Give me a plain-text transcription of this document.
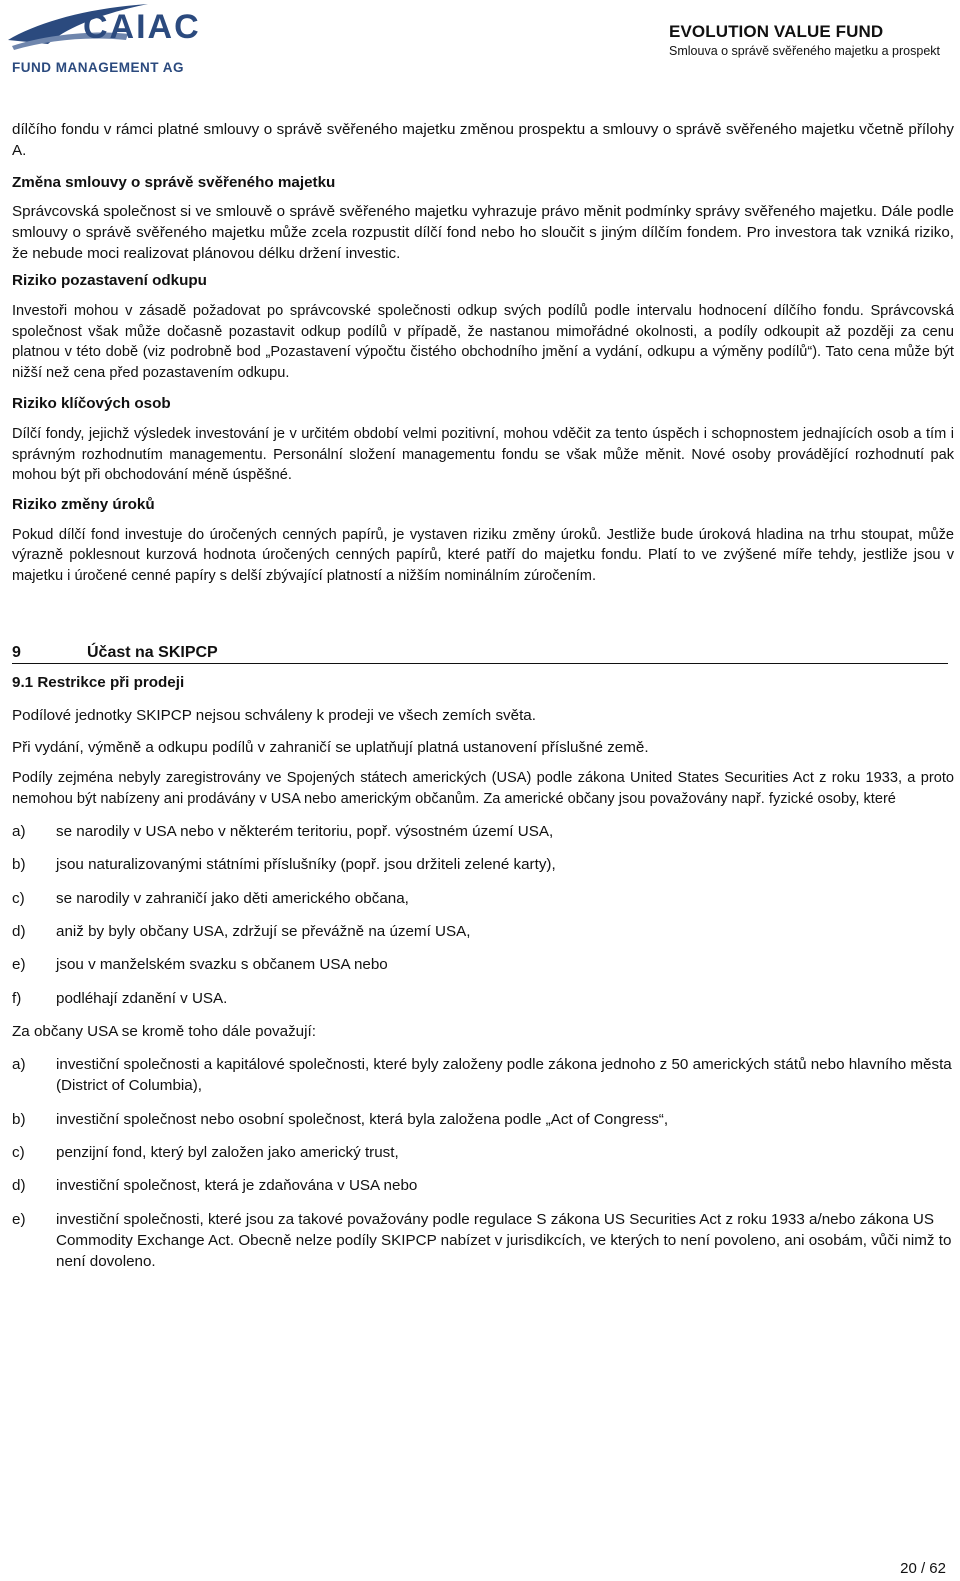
CAIAC
FUND MANAGEMENT AG
EVOLUTION VALUE FUND
Smlouva o správě svěřeného majetku a prospekt

dílčího fondu v rámci platné smlouvy o správě svěřeného majetku změnou prospektu a smlouvy o správě svěřeného majetku včetně přílohy A.

Změna smlouvy o správě svěřeného majetku

Správcovská společnost si ve smlouvě o správě svěřeného majetku vyhrazuje právo měnit podmínky správy svěřeného majetku. Dále podle smlouvy o správě svěřeného majetku může zcela rozpustit dílčí fond nebo ho sloučit s jiným dílčím fondem. Pro investora tak vzniká riziko, že nebude moci realizovat plánovou délku držení investic.

Riziko pozastavení odkupu

Investoři mohou v zásadě požadovat po správcovské společnosti odkup svých podílů podle intervalu hodnocení dílčího fondu. Správcovská společnost však může dočasně pozastavit odkup podílů v případě, že nastanou mimořádné okolnosti, a podíly odkoupit až později za cenu platnou v této době (viz podrobně bod „Pozastavení výpočtu čistého obchodního jmění a vydání, odkupu a výměny podílů“). Tato cena může být nižší než cena před pozastavením odkupu.

Riziko klíčových osob

Dílčí fondy, jejichž výsledek investování je v určitém období velmi pozitivní, mohou vděčit za tento úspěch i schopnostem jednajících osob a tím i správným rozhodnutím managementu. Personální složení managementu fondu se však může měnit. Nové osoby provádějící rozhodnutí pak mohou být při obchodování méně úspěšné.

Riziko změny úroků

Pokud dílčí fond investuje do úročených cenných papírů, je vystaven riziku změny úroků. Jestliže bude úroková hladina na trhu stoupat, může výrazně poklesnout kurzová hodnota úročených cenných papírů, které patří do majetku fondu. Platí to ve zvýšené míře tehdy, jestliže jsou v majetku i úročené cenné papíry s delší zbývající platností a nižším nominálním zúročením.

9	Účast na SKIPCP
9.1 Restrikce při prodeji

Podílové jednotky SKIPCP nejsou schváleny k prodeji ve všech zemích světa.

Při vydání, výměně a odkupu podílů v zahraničí se uplatňují platná ustanovení příslušné země.

Podíly zejména nebyly zaregistrovány ve Spojených státech amerických (USA) podle zákona United States Securities Act z roku 1933, a proto nemohou být nabízeny ani prodávány v USA nebo americkým občanům. Za americké občany jsou považovány např. fyzické osoby, které

a)	se narodily v USA nebo v některém teritoriu, popř. výsostném území USA,
b)	jsou naturalizovanými státními příslušníky (popř. jsou držiteli zelené karty),
c)	se narodily v zahraničí jako děti amerického občana,
d)	aniž by byly občany USA, zdržují se převážně na území USA,
e)	jsou v manželském svazku s občanem USA nebo
f)	podléhají zdanění v USA.

Za občany USA se kromě toho dále považují:

a)	investiční společnosti a kapitálové společnosti, které byly založeny podle zákona jednoho z 50 amerických států nebo hlavního města (District of Columbia),
b)	investiční společnost nebo osobní společnost, která byla založena podle „Act of Congress“,
c)	penzijní fond, který byl založen jako americký trust,
d)	investiční společnost, která je zdaňována v USA nebo
e)	investiční společnosti, které jsou za takové považovány podle regulace S zákona US Securities Act z roku 1933 a/nebo zákona US Commodity Exchange Act. Obecně nelze podíly SKIPCP nabízet v jurisdikcích, ve kterých to není povoleno, ani osobám, vůči nimž to není dovoleno.
20 / 62
